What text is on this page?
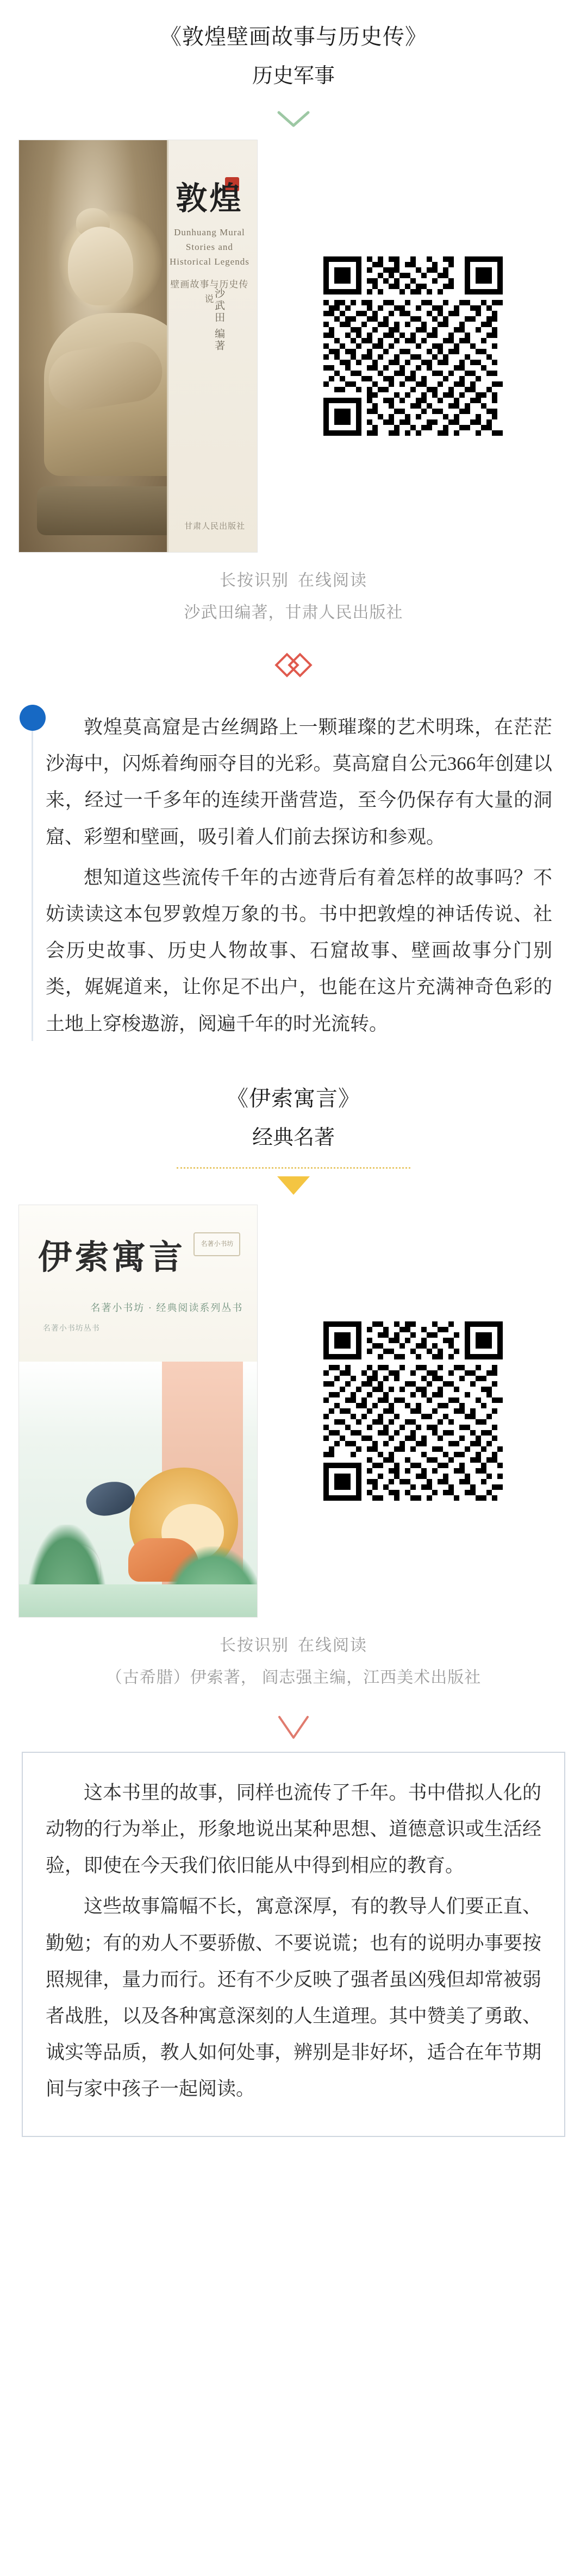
《敦煌壁画故事与历史传》
历史军事
敦煌
Dunhuang Mural Stories and Historical Legends
壁画故事与历史传说
沙武田 编著
甘肃人民出版社
长按识别 在线阅读
沙武田编著，甘肃人民出版社

敦煌莫高窟是古丝绸路上一颗璀璨的艺术明珠，在茫茫沙海中，闪烁着绚丽夺目的光彩。莫高窟自公元366年创建以来，经过一千多年的连续开凿营造，至今仍保存有大量的洞窟、彩塑和壁画，吸引着人们前去探访和参观。

想知道这些流传千年的古迹背后有着怎样的故事吗？不妨读读这本包罗敦煌万象的书。书中把敦煌的神话传说、社会历史故事、历史人物故事、石窟故事、壁画故事分门别类，娓娓道来，让你足不出户，也能在这片充满神奇色彩的土地上穿梭遨游，阅遍千年的时光流转。

《伊索寓言》
经典名著
伊索寓言	名著小书坊
名著小书坊 · 经典阅读系列丛书
名著小书坊丛书
长按识别 在线阅读
（古希腊）伊索著， 阎志强主编，江西美术出版社

这本书里的故事，同样也流传了千年。书中借拟人化的动物的行为举止，形象地说出某种思想、道德意识或生活经验，即使在今天我们依旧能从中得到相应的教育。

这些故事篇幅不长，寓意深厚，有的教导人们要正直、勤勉；有的劝人不要骄傲、不要说谎；也有的说明办事要按照规律，量力而行。还有不少反映了强者虽凶残但却常被弱者战胜，以及各种寓意深刻的人生道理。其中赞美了勇敢、诚实等品质，教人如何处事，辨别是非好坏，适合在年节期间与家中孩子一起阅读。
